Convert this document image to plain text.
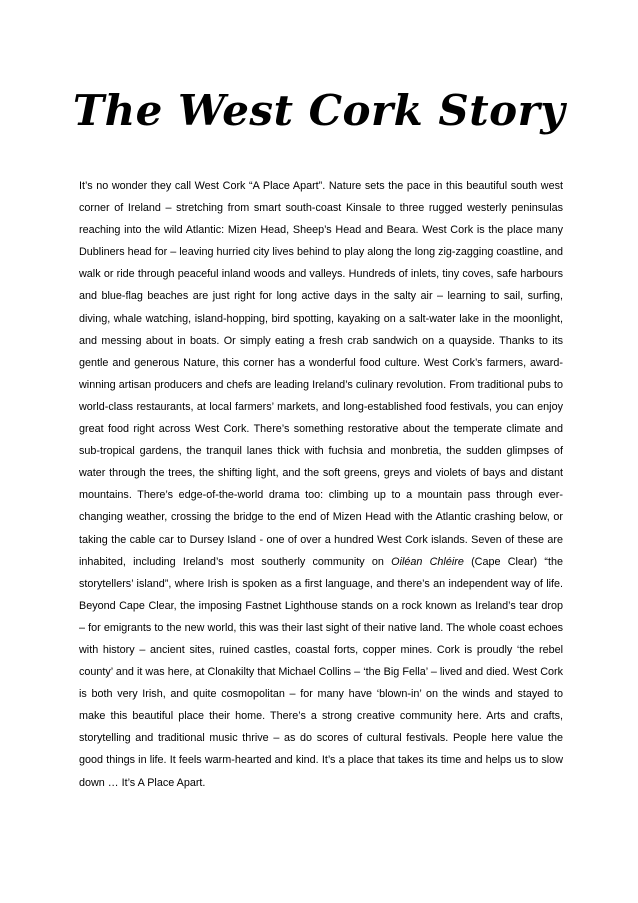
The West Cork Story

It’s no wonder they call West Cork “A Place Apart”. Nature sets the pace in this beautiful south west corner of Ireland – stretching from smart south-coast Kinsale to three rugged westerly peninsulas reaching into the wild Atlantic: Mizen Head, Sheep’s Head and Beara. West Cork is the place many Dubliners head for – leaving hurried city lives behind to play along the long zig-zagging coastline, and walk or ride through peaceful inland woods and valleys. Hundreds of inlets, tiny coves, safe harbours and blue-flag beaches are just right for long active days in the salty air – learning to sail, surfing, diving, whale watching, island-hopping, bird spotting, kayaking on a salt-water lake in the moonlight, and messing about in boats. Or simply eating a fresh crab sandwich on a quayside. Thanks to its gentle and generous Nature, this corner has a wonderful food culture. West Cork’s farmers, award-winning artisan producers and chefs are leading Ireland’s culinary revolution. From traditional pubs to world-class restaurants, at local farmers’ markets, and long-established food festivals, you can enjoy great food right across West Cork. There’s something restorative about the temperate climate and sub-tropical gardens, the tranquil lanes thick with fuchsia and monbretia, the sudden glimpses of water through the trees, the shifting light, and the soft greens, greys and violets of bays and distant mountains. There’s edge-of-the-world drama too: climbing up to a mountain pass through ever-changing weather, crossing the bridge to the end of Mizen Head with the Atlantic crashing below, or taking the cable car to Dursey Island - one of over a hundred West Cork islands. Seven of these are inhabited, including Ireland’s most southerly community on Oiléan Chléire (Cape Clear) “the storytellers’ island”, where Irish is spoken as a first language, and there’s an independent way of life. Beyond Cape Clear, the imposing Fastnet Lighthouse stands on a rock known as Ireland’s tear drop – for emigrants to the new world, this was their last sight of their native land. The whole coast echoes with history – ancient sites, ruined castles, coastal forts, copper mines. Cork is proudly ‘the rebel county’ and it was here, at Clonakilty that Michael Collins – ‘the Big Fella’ – lived and died. West Cork is both very Irish, and quite cosmopolitan – for many have ‘blown-in’ on the winds and stayed to make this beautiful place their home. There’s a strong creative community here. Arts and crafts, storytelling and traditional music thrive – as do scores of cultural festivals. People here value the good things in life. It feels warm-hearted and kind. It’s a place that takes its time and helps us to slow down … It’s A Place Apart.
